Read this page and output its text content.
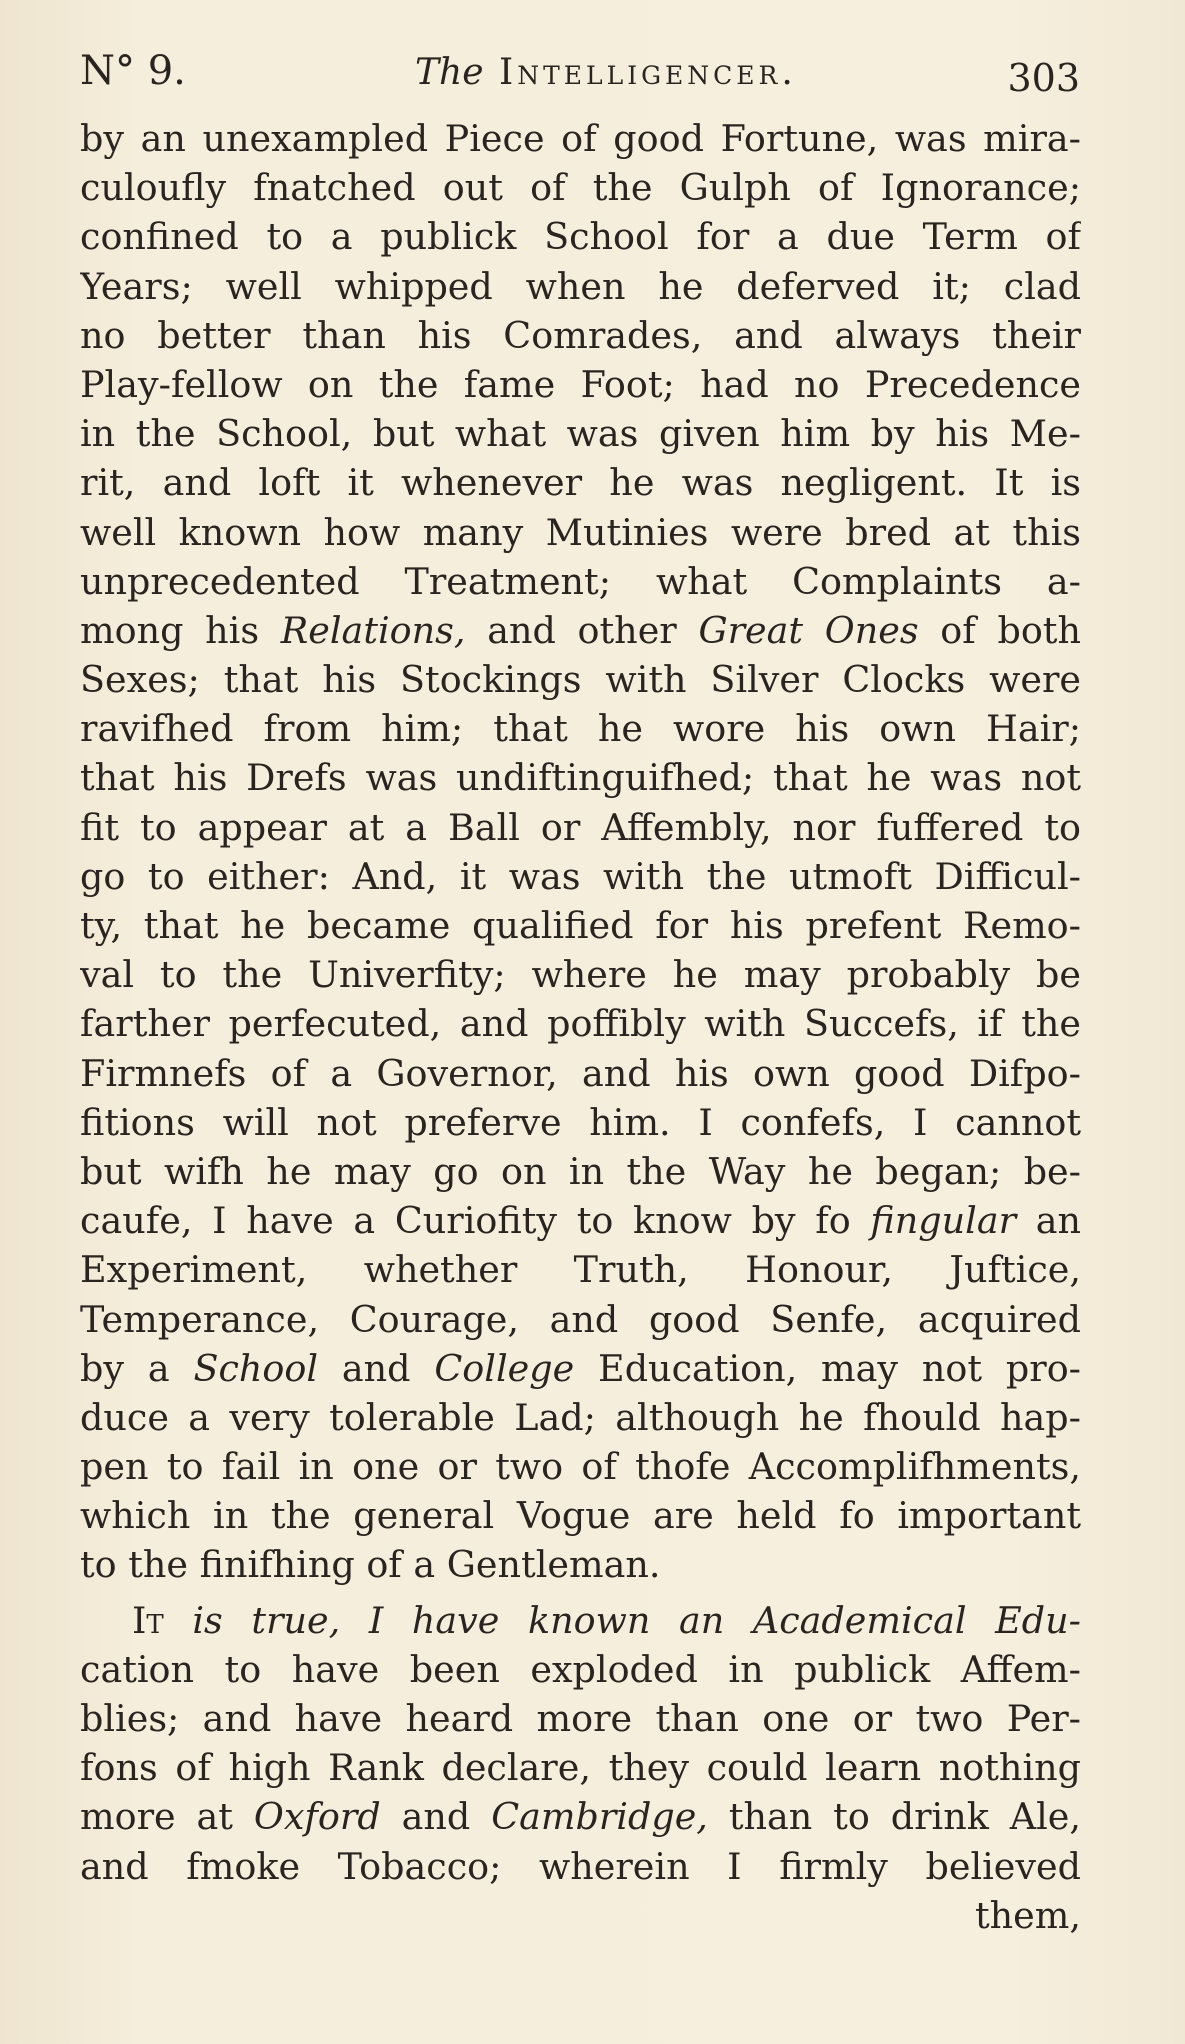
N° 9.	The Intelligencer.	303
by an unexampled Piece of good Fortune, was mira-
culoufly fnatched out of the Gulph of Ignorance;
confined to a publick School for a due Term of
Years; well whipped when he deferved it; clad
no better than his Comrades, and always their
Play-fellow on the fame Foot; had no Precedence
in the School, but what was given him by his Me-
rit, and loft it whenever he was negligent. It is
well known how many Mutinies were bred at this
unprecedented Treatment; what Complaints a-
mong his Relations, and other Great Ones of both
Sexes; that his Stockings with Silver Clocks were
ravifhed from him; that he wore his own Hair;
that his Drefs was undiftinguifhed; that he was not
fit to appear at a Ball or Affembly, nor fuffered to
go to either: And, it was with the utmoft Difficul-
ty, that he became qualified for his prefent Remo-
val to the Univerfity; where he may probably be
farther perfecuted, and poffibly with Succefs, if the
Firmnefs of a Governor, and his own good Difpo-
fitions will not preferve him. I confefs, I cannot
but wifh he may go on in the Way he began; be-
caufe, I have a Curiofity to know by fo fingular an
Experiment, whether Truth, Honour, Juftice,
Temperance, Courage, and good Senfe, acquired
by a School and College Education, may not pro-
duce a very tolerable Lad; although he fhould hap-
pen to fail in one or two of thofe Accomplifhments,
which in the general Vogue are held fo important
to the finifhing of a Gentleman.
It is true, I have known an Academical Edu-
cation to have been exploded in publick Affem-
blies; and have heard more than one or two Per-
fons of high Rank declare, they could learn nothing
more at Oxford and Cambridge, than to drink Ale,
and fmoke Tobacco; wherein I firmly believed
them,
